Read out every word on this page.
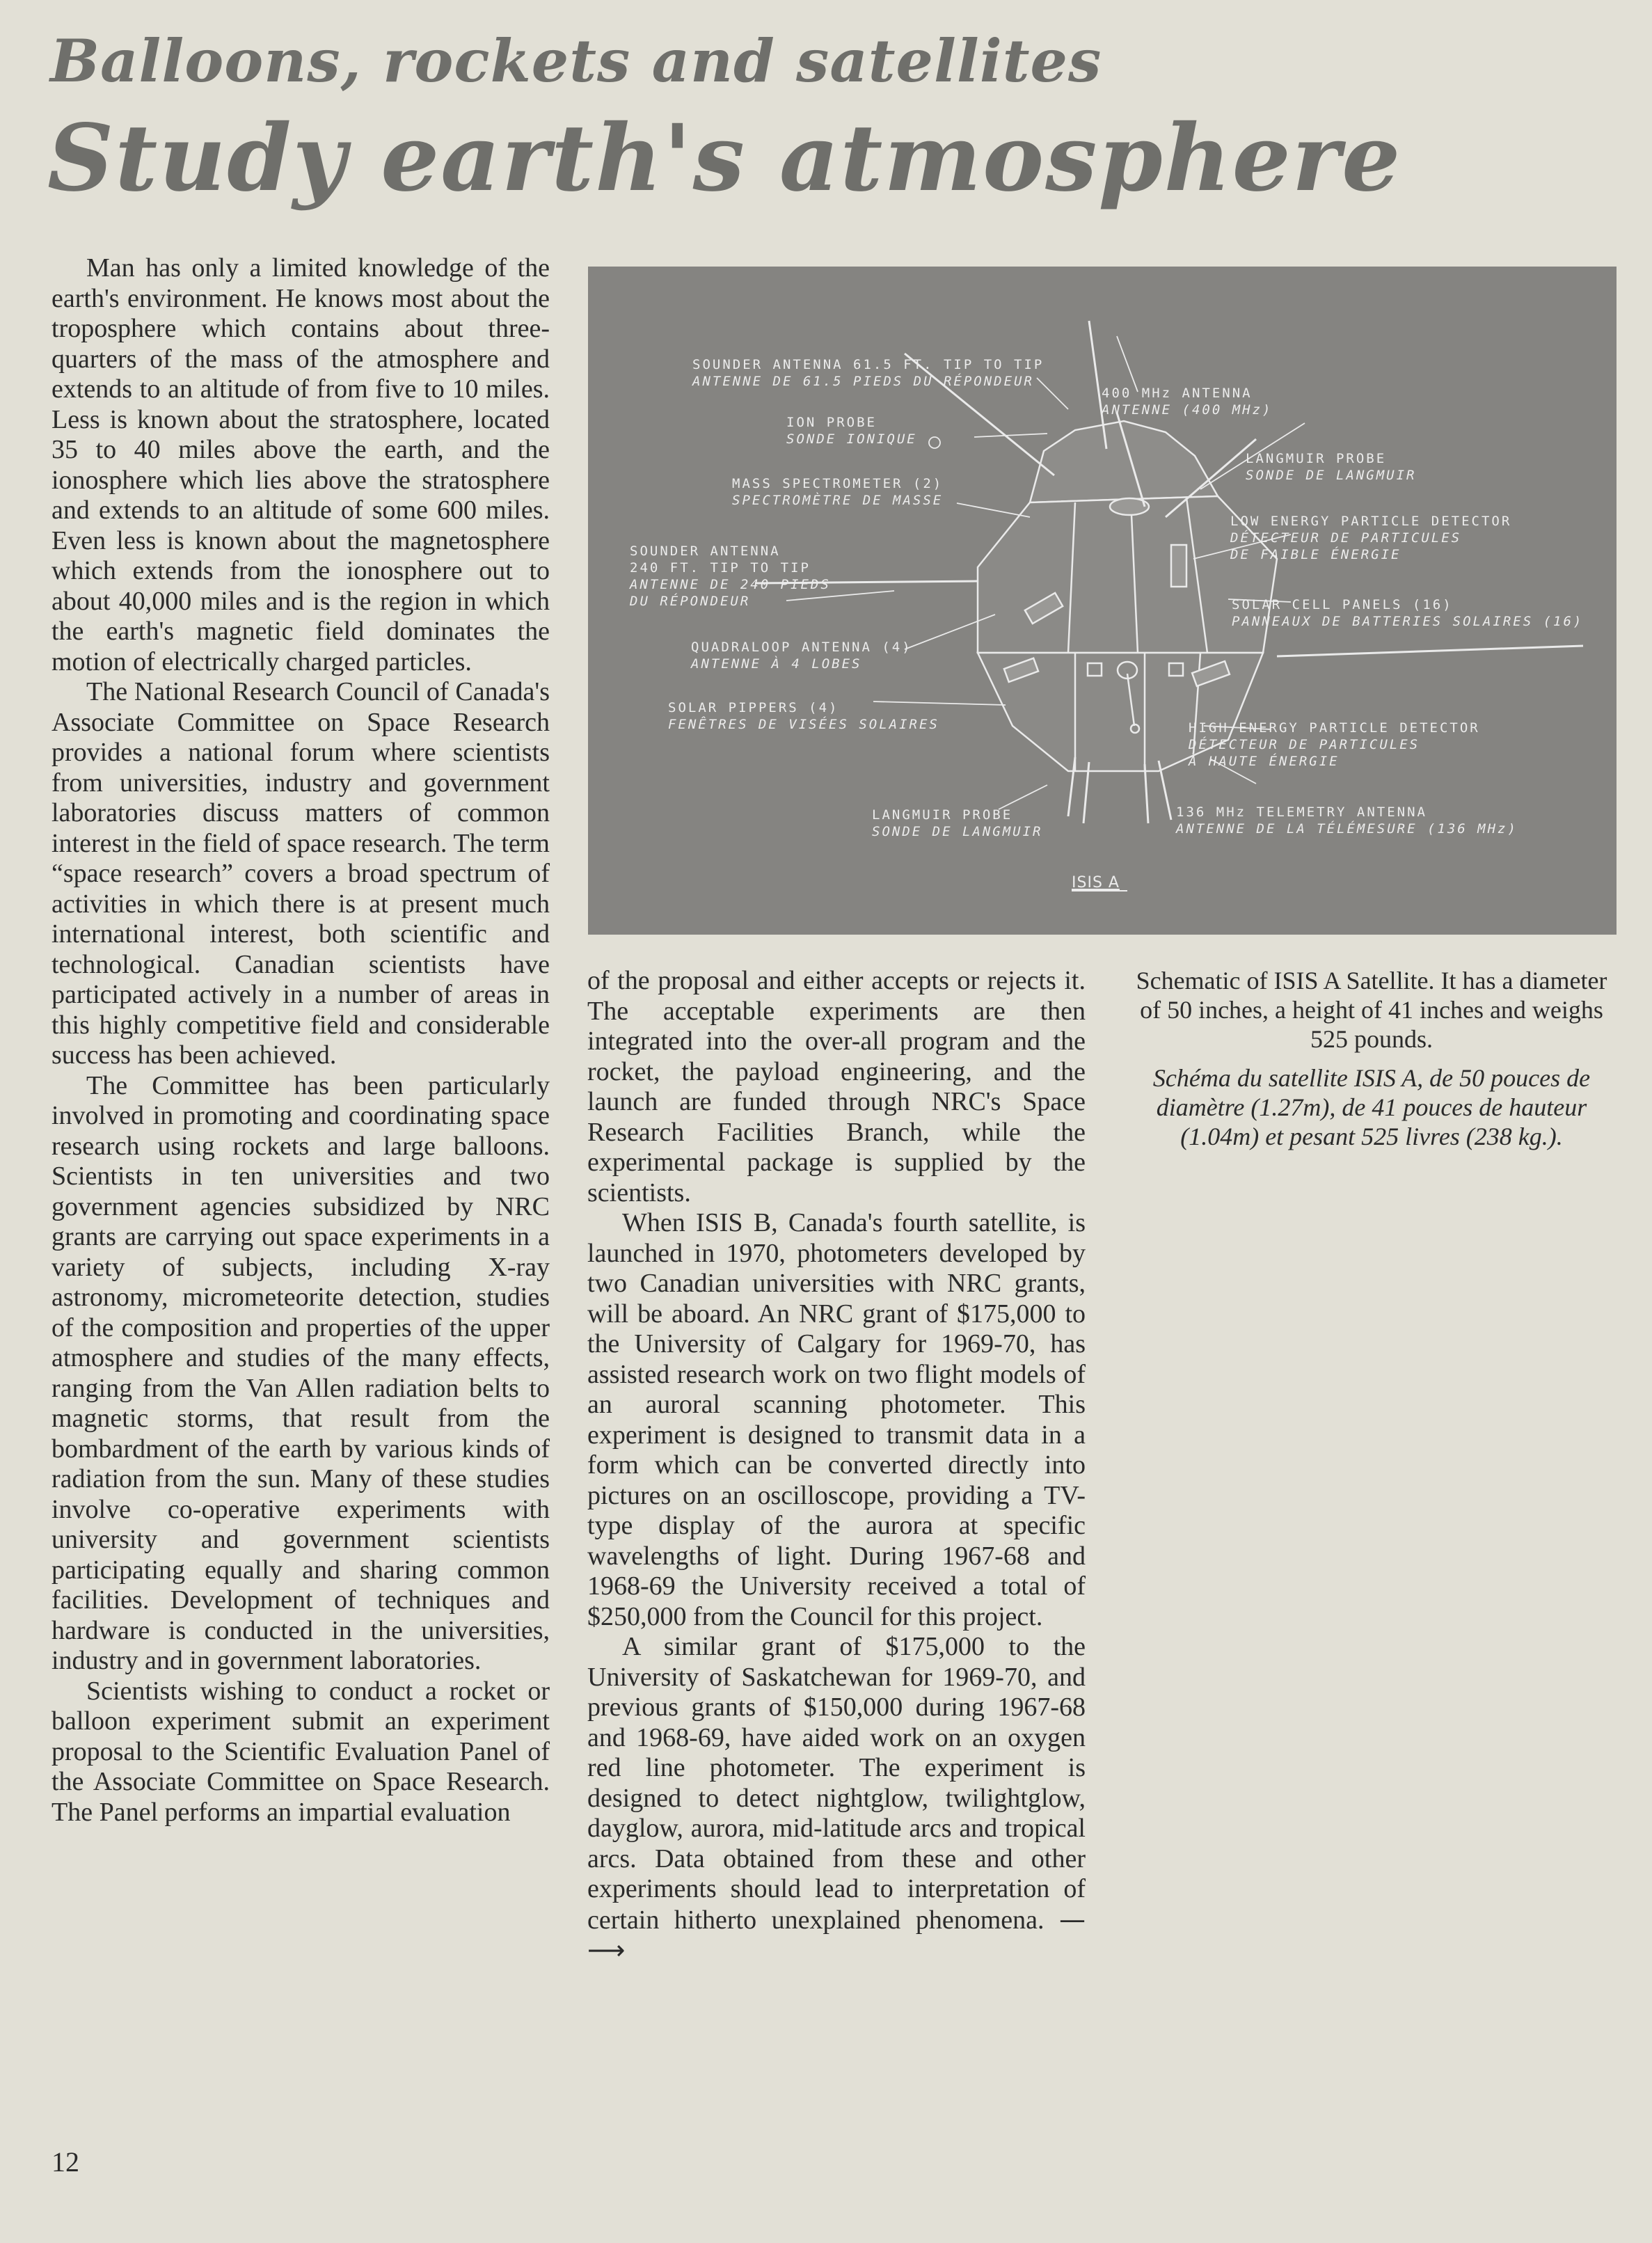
Balloons, rockets and satellites
Study earth's atmosphere

Man has only a limited knowledge of the earth's environment. He knows most about the troposphere which contains about three-quarters of the mass of the atmosphere and extends to an altitude of from five to 10 miles. Less is known about the stratosphere, located 35 to 40 miles above the earth, and the ionosphere which lies above the stratosphere and extends to an altitude of some 600 miles. Even less is known about the magnetosphere which extends from the ionosphere out to about 40,000 miles and is the region in which the earth's magnetic field dominates the motion of electrically charged particles.

The National Research Council of Canada's Associate Committee on Space Research provides a national forum where scientists from universities, industry and government laboratories discuss matters of common interest in the field of space research. The term “space research” covers a broad spectrum of activities in which there is at present much international interest, both scientific and technological. Canadian scientists have participated actively in a number of areas in this highly competitive field and considerable success has been achieved.

The Committee has been particularly involved in promoting and coordinating space research using rockets and large balloons. Scientists in ten universities and two government agencies subsidized by NRC grants are carrying out space experiments in a variety of subjects, including X-ray astronomy, micrometeorite detection, studies of the composition and properties of the upper atmosphere and studies of the many effects, ranging from the Van Allen radiation belts to magnetic storms, that result from the bombardment of the earth by various kinds of radiation from the sun. Many of these studies involve co-operative experiments with university and government scientists participating equally and sharing common facilities. Development of techniques and hardware is conducted in the universities, industry and in government laboratories.

Scientists wishing to conduct a rocket or balloon experiment submit an experiment proposal to the Scientific Evaluation Panel of the Associate Committee on Space Research. The Panel performs an impartial evaluation

SOUNDER ANTENNA 61.5 FT. TIP TO TIP
ANTENNE DE 61.5 PIEDS DU RÉPONDEUR
ION PROBE
SONDE IONIQUE
MASS SPECTROMETER (2)
SPECTROMÈTRE DE MASSE
SOUNDER ANTENNA
240 FT. TIP TO TIP
ANTENNE DE 240 PIEDS
DU RÉPONDEUR
QUADRALOOP ANTENNA (4)
ANTENNE À 4 LOBES
SOLAR PIPPERS (4)
FENÊTRES DE VISÉES SOLAIRES
LANGMUIR PROBE
SONDE DE LANGMUIR
400 MHz ANTENNA
ANTENNE (400 MHz)
LANGMUIR PROBE
SONDE DE LANGMUIR
LOW ENERGY PARTICLE DETECTOR
DÉTECTEUR DE PARTICULES
DE FAIBLE ÉNERGIE
SOLAR CELL PANELS (16)
PANNEAUX DE BATTERIES SOLAIRES (16)
HIGH ENERGY PARTICLE DETECTOR
DÉTECTEUR DE PARTICULES
À HAUTE ÉNERGIE
136 MHz TELEMETRY ANTENNA
ANTENNE DE LA TÉLÉMESURE (136 MHz)
ISIS A

of the proposal and either accepts or rejects it. The acceptable experiments are then integrated into the over-all program and the rocket, the payload engineering, and the launch are funded through NRC's Space Research Facilities Branch, while the experimental package is supplied by the scientists.

When ISIS B, Canada's fourth satellite, is launched in 1970, photometers developed by two Canadian universities with NRC grants, will be aboard. An NRC grant of $175,000 to the University of Calgary for 1969-70, has assisted research work on two flight models of an auroral scanning photometer. This experiment is designed to transmit data in a form which can be converted directly into pictures on an oscilloscope, providing a TV-type display of the aurora at specific wavelengths of light. During 1967-68 and 1968-69 the University received a total of $250,000 from the Council for this project.

A similar grant of $175,000 to the University of Saskatchewan for 1969-70, and previous grants of $150,000 during 1967-68 and 1968-69, have aided work on an oxygen red line photometer. The experiment is designed to detect nightglow, twilightglow, dayglow, aurora, mid-latitude arcs and tropical arcs. Data obtained from these and other experiments should lead to interpretation of certain hitherto unexplained phenomena. —⟶

Schematic of ISIS A Satellite. It has a diameter of 50 inches, a height of 41 inches and weighs 525 pounds.

Schéma du satellite ISIS A, de 50 pouces de diamètre (1.27m), de 41 pouces de hauteur (1.04m) et pesant 525 livres (238 kg.).

12
